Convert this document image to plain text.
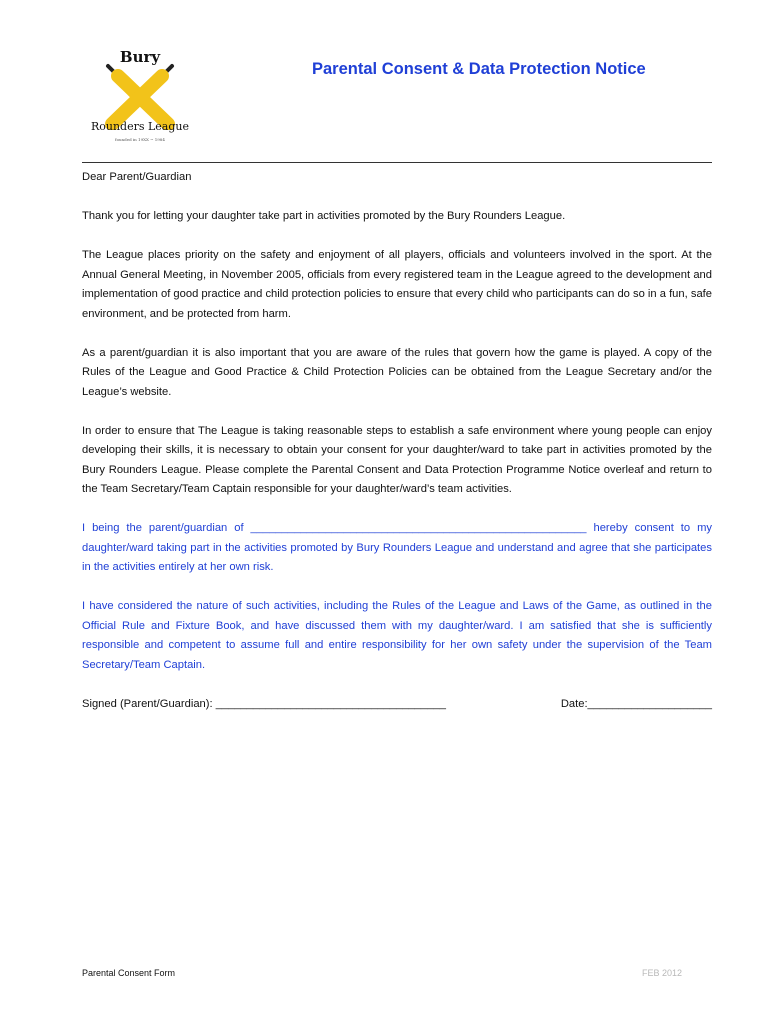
Bury
Rounders League
founded in 19XX ~ 1984
Parental Consent & Data Protection Notice

Dear Parent/Guardian

Thank you for letting your daughter take part in activities promoted by the Bury Rounders League.

The League places priority on the safety and enjoyment of all players, officials and volunteers involved in the sport. At the Annual General Meeting, in November 2005, officials from every registered team in the League agreed to the development and implementation of good practice and child protection policies to ensure that every child who participants can do so in a fun, safe environment, and be protected from harm.

As a parent/guardian it is also important that you are aware of the rules that govern how the game is played. A copy of the Rules of the League and Good Practice & Child Protection Policies can be obtained from the League Secretary and/or the League’s website.

In order to ensure that The League is taking reasonable steps to establish a safe environment where young people can enjoy developing their skills, it is necessary to obtain your consent for your daughter/ward to take part in activities promoted by the Bury Rounders League. Please complete the Parental Consent and Data Protection Programme Notice overleaf and return to the Team Secretary/Team Captain responsible for your daughter/ward’s team activities.

I being the parent/guardian of ______________________________________________________ hereby consent to my daughter/ward taking part in the activities promoted by Bury Rounders League and understand and agree that she participates in the activities entirely at her own risk.

I have considered the nature of such activities, including the Rules of the League and Laws of the Game, as outlined in the Official Rule and Fixture Book, and have discussed them with my daughter/ward. I am satisfied that she is sufficiently responsible and competent to assume full and entire responsibility for her own safety under the supervision of the Team Secretary/Team Captain.

Signed (Parent/Guardian): _____________________________________	Date:____________________
Parental Consent Form	FEB 2012
